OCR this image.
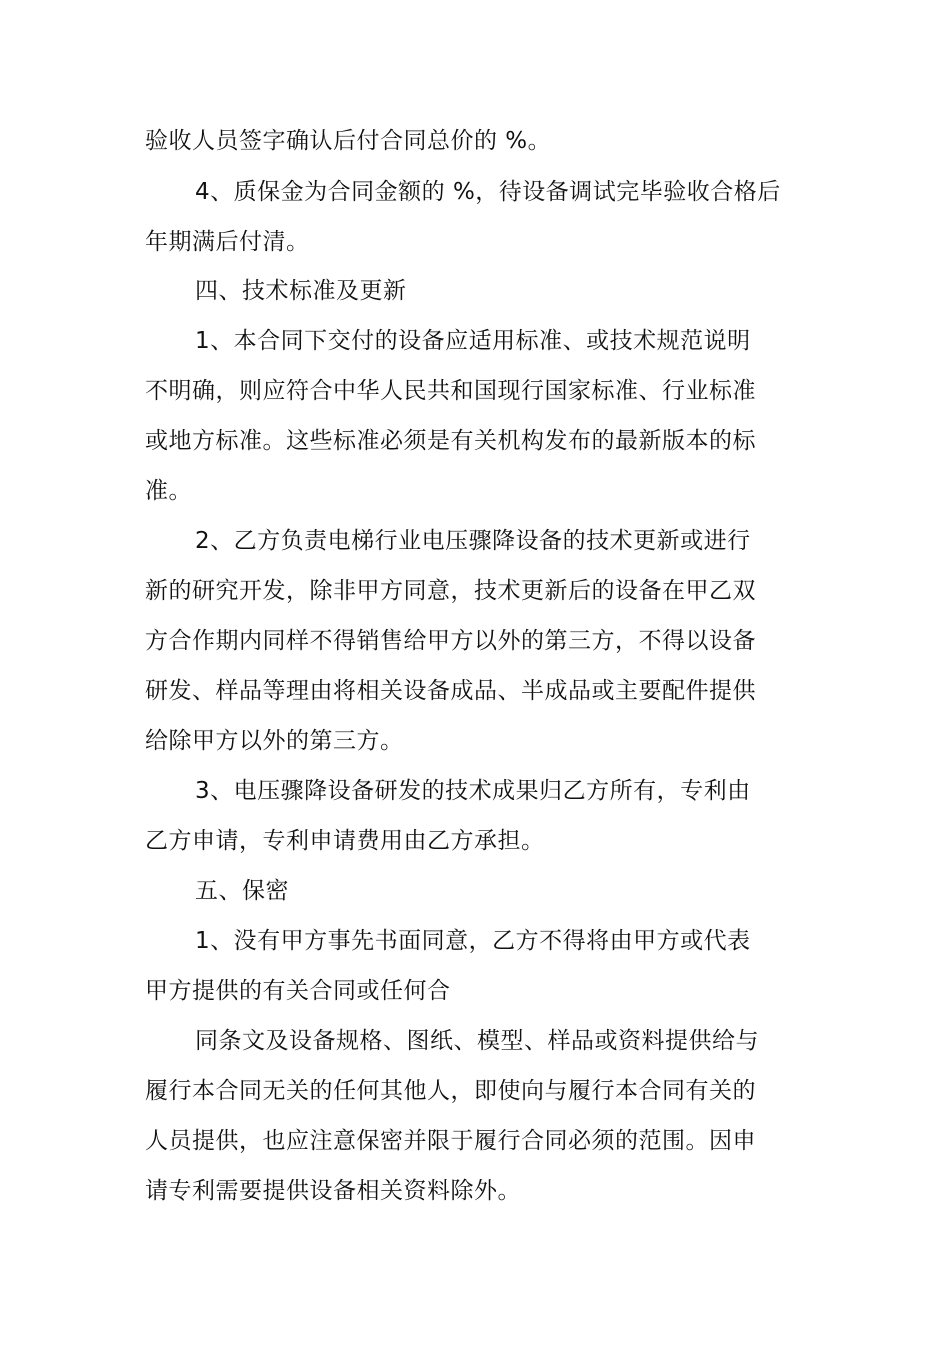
验收人员签字确认后付合同总价的 %。
4、质保金为合同金额的 %，待设备调试完毕验收合格后
年期满后付清。
四、技术标准及更新
1、本合同下交付的设备应适用标准、或技术规范说明
不明确，则应符合中华人民共和国现行国家标准、行业标准
或地方标准。这些标准必须是有关机构发布的最新版本的标
准。
2、乙方负责电梯行业电压骤降设备的技术更新或进行
新的研究开发，除非甲方同意，技术更新后的设备在甲乙双
方合作期内同样不得销售给甲方以外的第三方，不得以设备
研发、样品等理由将相关设备成品、半成品或主要配件提供
给除甲方以外的第三方。
3、电压骤降设备研发的技术成果归乙方所有，专利由
乙方申请，专利申请费用由乙方承担。
五、保密
1、没有甲方事先书面同意，乙方不得将由甲方或代表
甲方提供的有关合同或任何合
同条文及设备规格、图纸、模型、样品或资料提供给与
履行本合同无关的任何其他人，即使向与履行本合同有关的
人员提供，也应注意保密并限于履行合同必须的范围。因申
请专利需要提供设备相关资料除外。
